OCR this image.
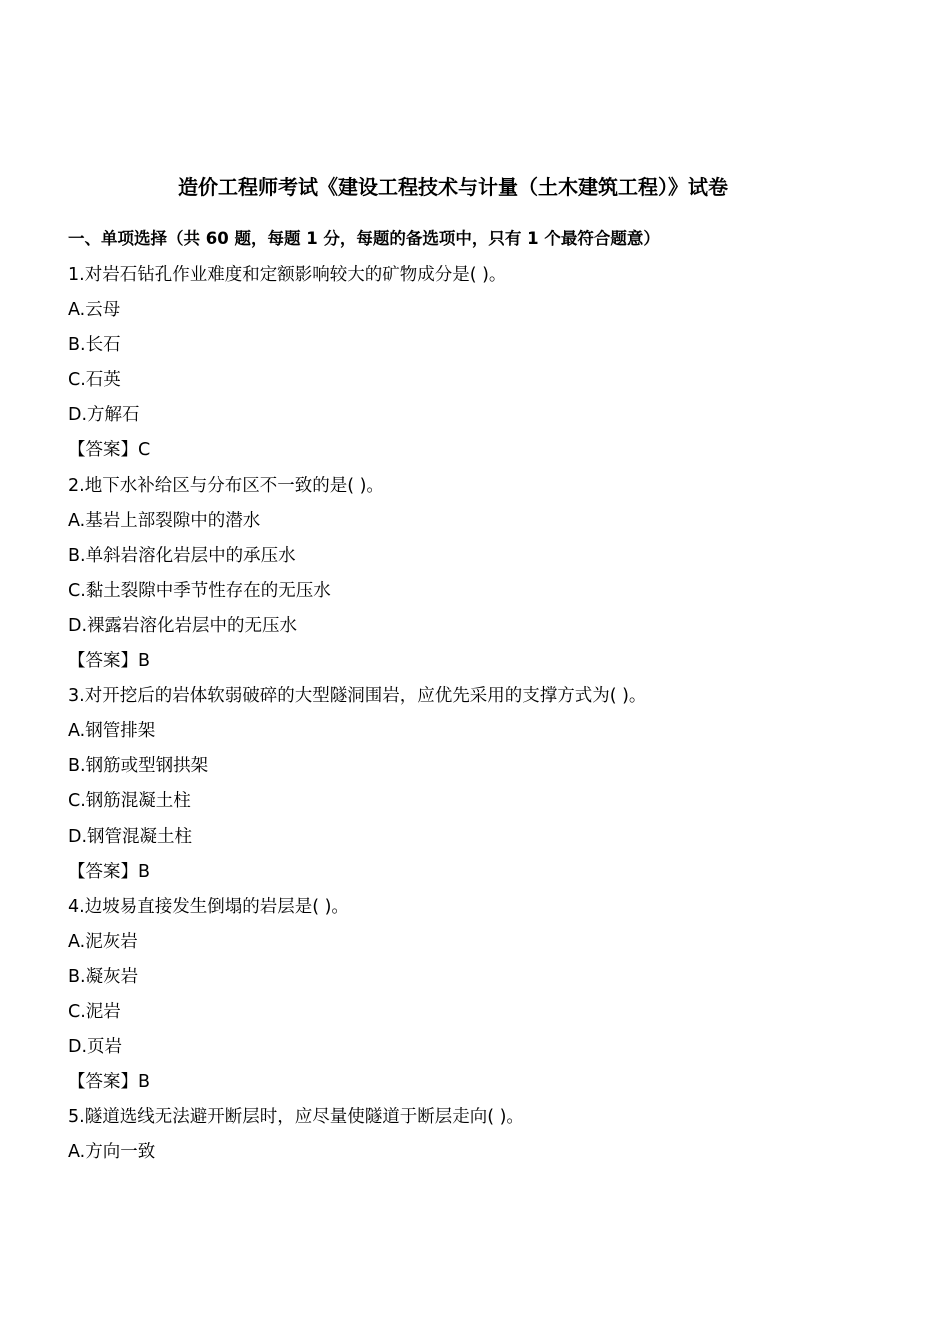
造价工程师考试《建设工程技术与计量（土木建筑工程）》试卷
一、单项选择（共 60 题，每题 1 分，每题的备选项中，只有 1 个最符合题意）
1.对岩石钻孔作业难度和定额影响较大的矿物成分是( )。
A.云母
B.长石
C.石英
D.方解石
【答案】C
2.地下水补给区与分布区不一致的是( )。
A.基岩上部裂隙中的潜水
B.单斜岩溶化岩层中的承压水
C.黏土裂隙中季节性存在的无压水
D.裸露岩溶化岩层中的无压水
【答案】B
3.对开挖后的岩体软弱破碎的大型隧洞围岩，应优先采用的支撑方式为( )。
A.钢管排架
B.钢筋或型钢拱架
C.钢筋混凝土柱
D.钢管混凝土柱
【答案】B
4.边坡易直接发生倒塌的岩层是( )。
A.泥灰岩
B.凝灰岩
C.泥岩
D.页岩
【答案】B
5.隧道选线无法避开断层时，应尽量使隧道于断层走向( )。
A.方向一致
